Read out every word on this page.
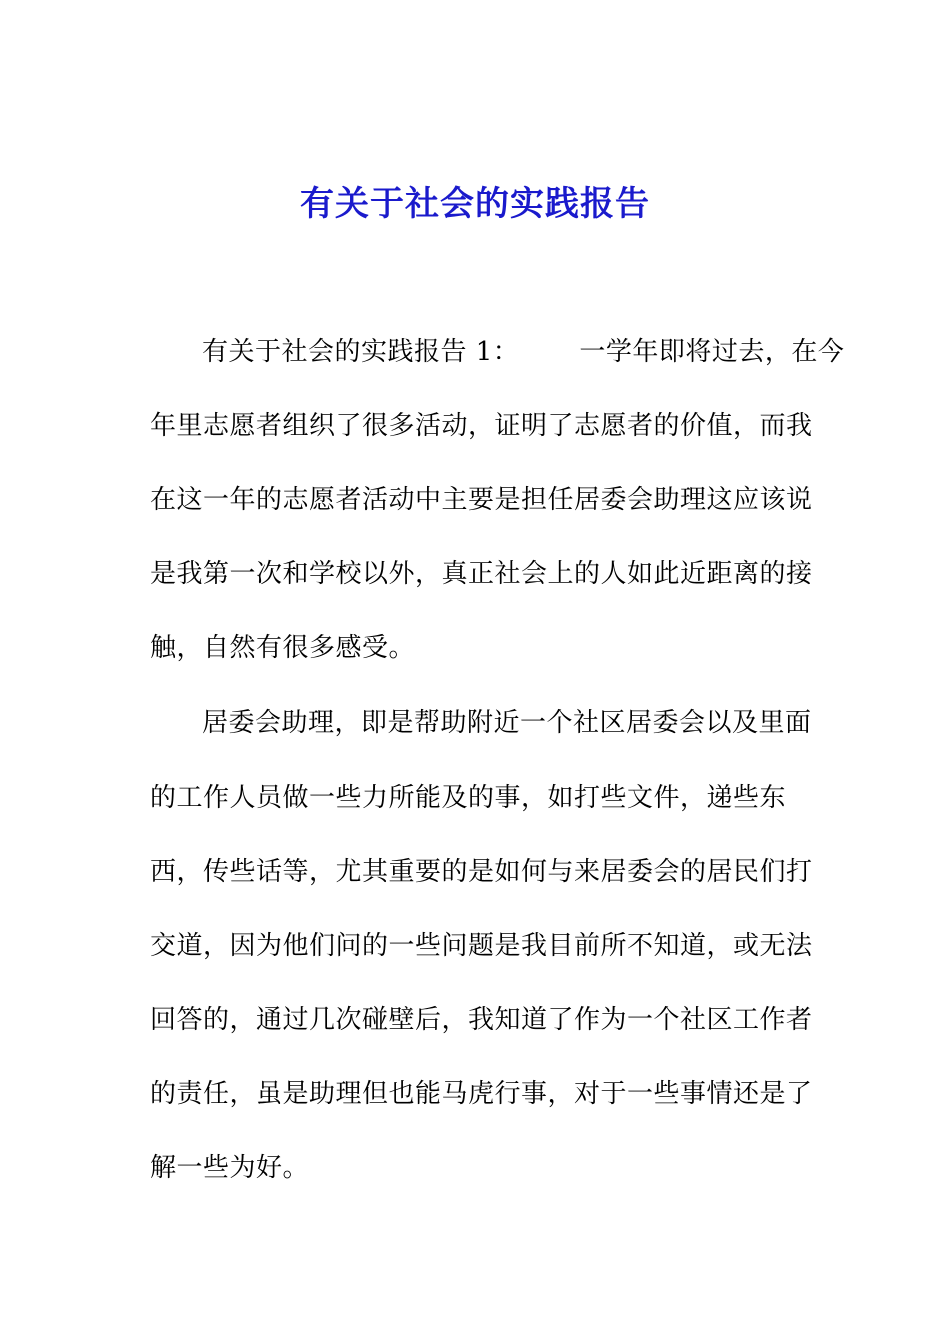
有关于社会的实践报告
有关于社会的实践报告 1： 一学年即将过去，在今
年里志愿者组织了很多活动，证明了志愿者的价值，而我
在这一年的志愿者活动中主要是担任居委会助理这应该说
是我第一次和学校以外，真正社会上的人如此近距离的接
触，自然有很多感受。
居委会助理，即是帮助附近一个社区居委会以及里面
的工作人员做一些力所能及的事，如打些文件，递些东
西，传些话等，尤其重要的是如何与来居委会的居民们打
交道，因为他们问的一些问题是我目前所不知道，或无法
回答的，通过几次碰壁后，我知道了作为一个社区工作者
的责任，虽是助理但也能马虎行事，对于一些事情还是了
解一些为好。
